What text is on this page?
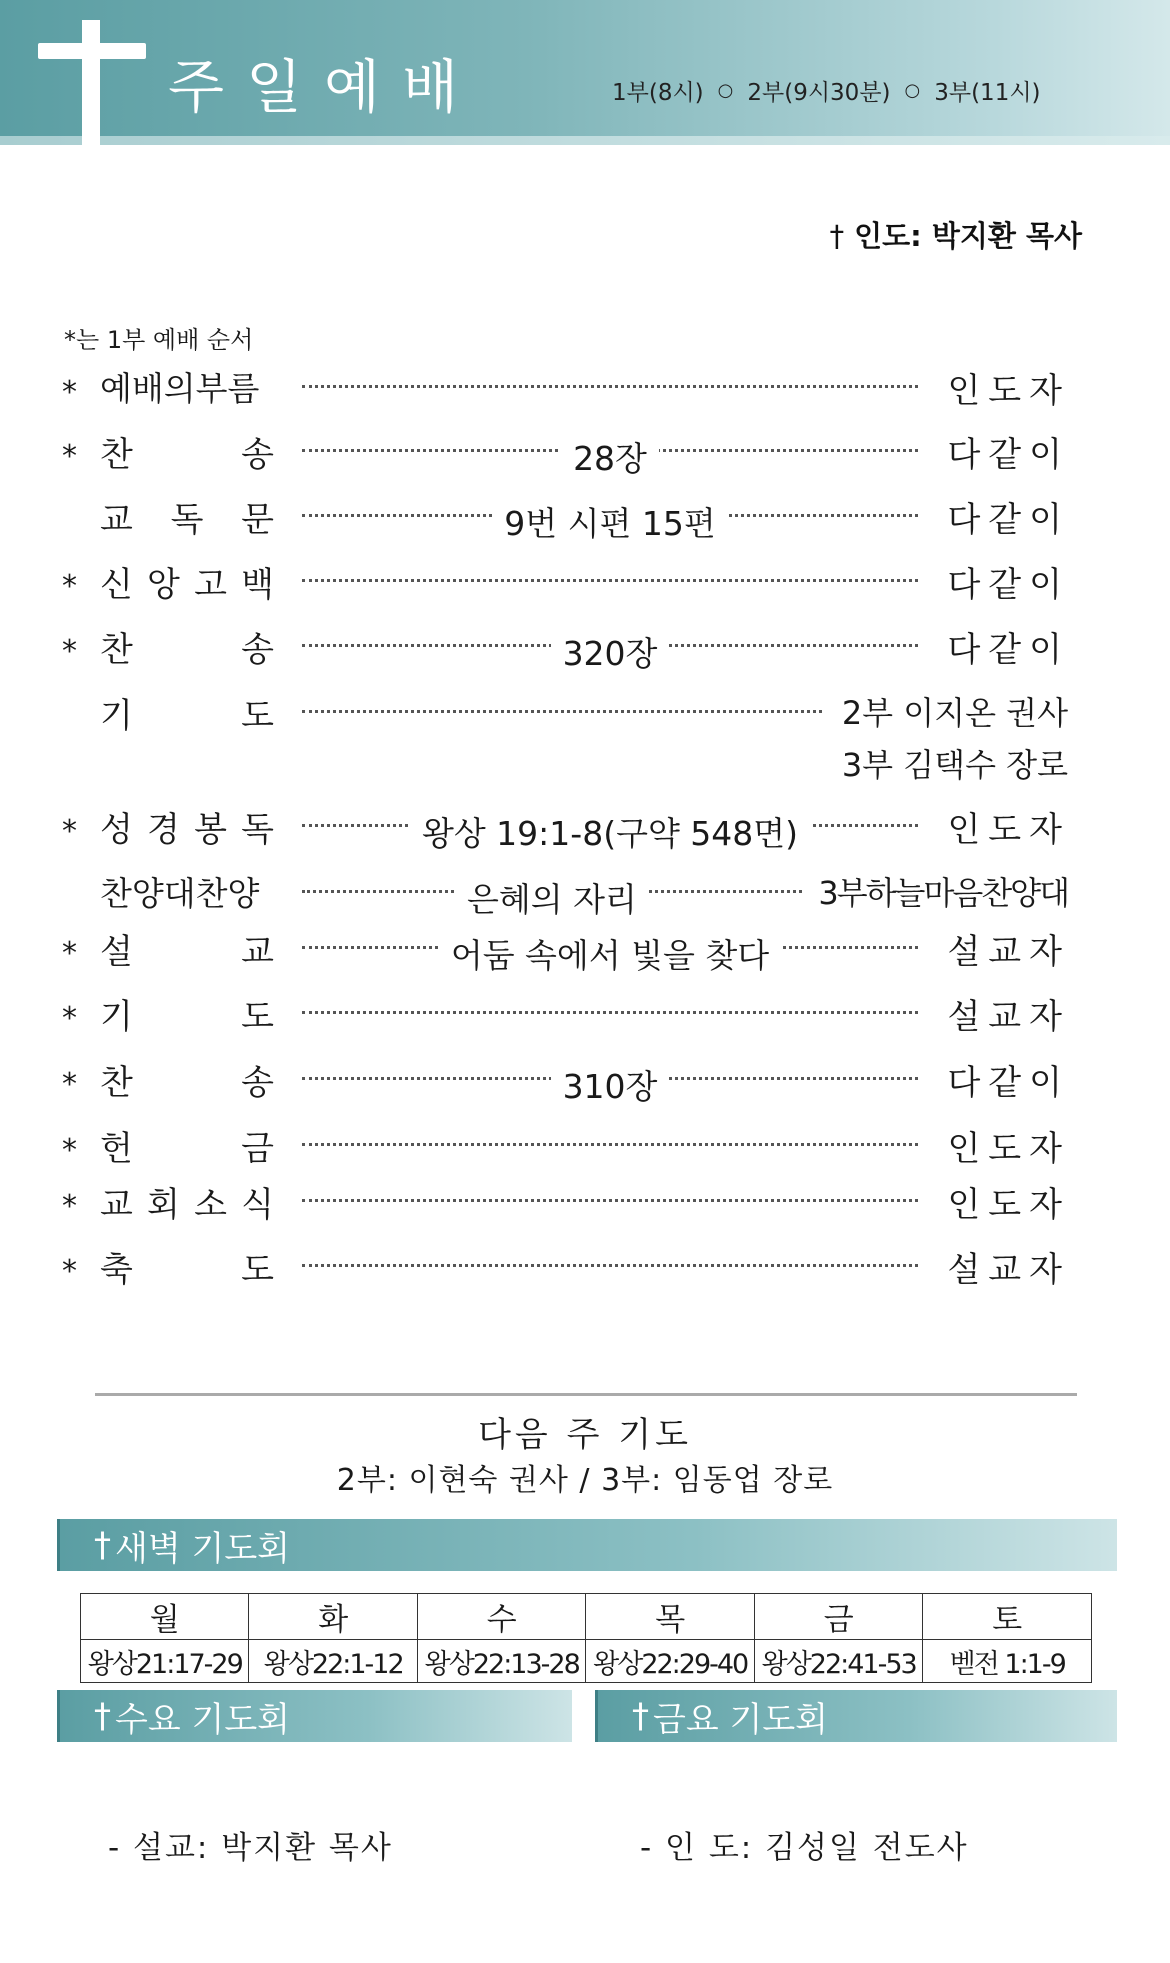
주일예배	1부(8시) ○ 2부(9시30분) ○ 3부(11시)
† 인도: 박지환 목사
*는 1부 예배 순서
* 예배의부름	인도자
* 찬	송	28장	다같이
교 독 문	9번 시편 15편	다같이
* 신 앙 고 백	다같이
* 찬	송	320장	다같이
기	도	2부 이지온 권사
3부 김택수 장로
* 성 경 봉 독	왕상 19:1-8(구약 548면)	인도자
찬양대찬양	은혜의 자리	3부하늘마음찬양대
* 설	교	어둠 속에서 빛을 찾다	설교자
* 기	도	설교자
* 찬	송	310장	다같이
* 헌	금	인도자
* 교 회 소 식	인도자
* 축	도	설교자
다음 주 기도
2부: 이현숙 권사 / 3부: 임동업 장로
† 새벽 기도회
월	화	수	목	금	토
왕상21:17-29	왕상22:1-12	왕상22:13-28	왕상22:29-40	왕상22:41-53	벧전 1:1-9
† 수요 기도회	† 금요 기도회
- 설교: 박지환 목사	- 인 도: 김성일 전도사
